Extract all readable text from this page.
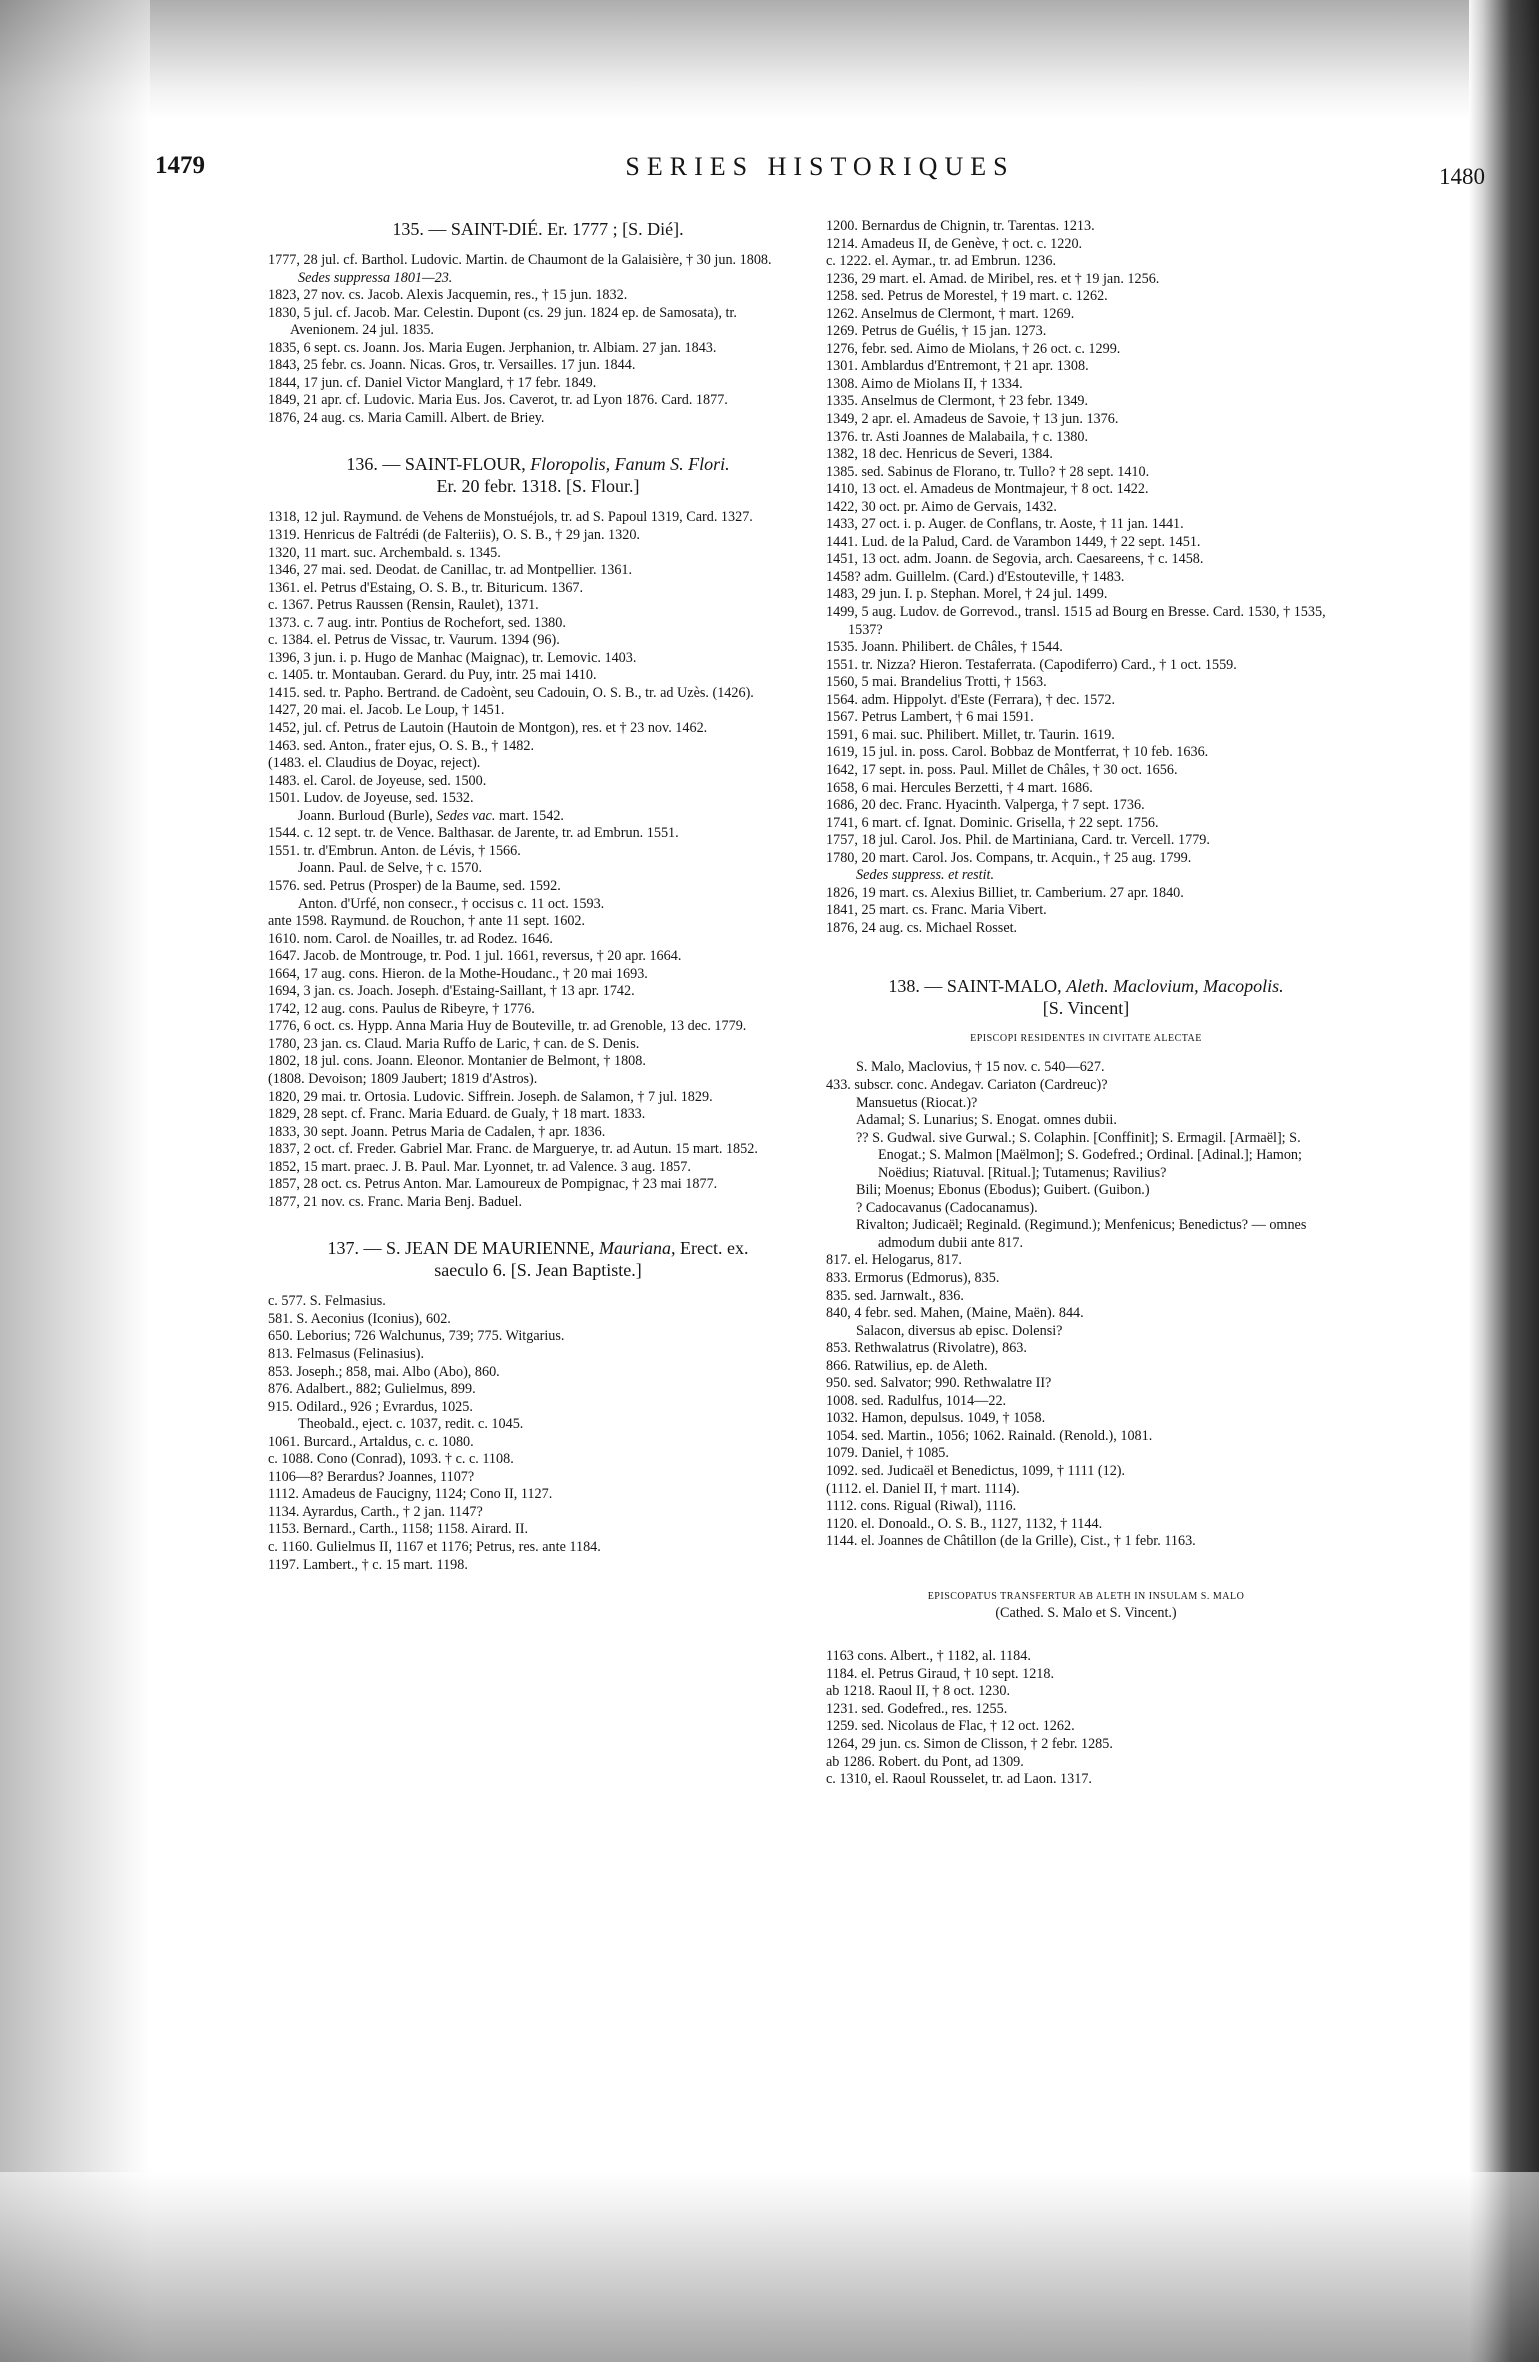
1479	SERIES HISTORIQUES	1480

135. — SAINT-DIÉ. Er. 1777 ; [S. Dié].

1777, 28 jul. cf. Barthol. Ludovic. Martin. de Chaumont de la Galaisière, † 30 jun. 1808.

Sedes suppressa 1801—23.

1823, 27 nov. cs. Jacob. Alexis Jacquemin, res., † 15 jun. 1832.

1830, 5 jul. cf. Jacob. Mar. Celestin. Dupont (cs. 29 jun. 1824 ep. de Samosata), tr. Avenionem. 24 jul. 1835.

1835, 6 sept. cs. Joann. Jos. Maria Eugen. Jerphanion, tr. Albiam. 27 jan. 1843.

1843, 25 febr. cs. Joann. Nicas. Gros, tr. Versailles. 17 jun. 1844.

1844, 17 jun. cf. Daniel Victor Manglard, † 17 febr. 1849.

1849, 21 apr. cf. Ludovic. Maria Eus. Jos. Caverot, tr. ad Lyon 1876. Card. 1877.

1876, 24 aug. cs. Maria Camill. Albert. de Briey.

136. — SAINT-FLOUR, Floropolis, Fanum S. Flori.

Er. 20 febr. 1318. [S. Flour.]

1318, 12 jul. Raymund. de Vehens de Monstuéjols, tr. ad S. Papoul 1319, Card. 1327.

1319. Henricus de Faltrédi (de Falteriis), O. S. B., † 29 jan. 1320.

1320, 11 mart. suc. Archembald. s. 1345.

1346, 27 mai. sed. Deodat. de Canillac, tr. ad Montpellier. 1361.

1361. el. Petrus d'Estaing, O. S. B., tr. Bituricum. 1367.

c. 1367. Petrus Raussen (Rensin, Raulet), 1371.

1373. c. 7 aug. intr. Pontius de Rochefort, sed. 1380.

c. 1384. el. Petrus de Vissac, tr. Vaurum. 1394 (96).

1396, 3 jun. i. p. Hugo de Manhac (Maignac), tr. Lemovic. 1403.

c. 1405. tr. Montauban. Gerard. du Puy, intr. 25 mai 1410.

1415. sed. tr. Papho. Bertrand. de Cadoènt, seu Cadouin, O. S. B., tr. ad Uzès. (1426).

1427, 20 mai. el. Jacob. Le Loup, † 1451.

1452, jul. cf. Petrus de Lautoin (Hautoin de Montgon), res. et † 23 nov. 1462.

1463. sed. Anton., frater ejus, O. S. B., † 1482.

(1483. el. Claudius de Doyac, reject).

1483. el. Carol. de Joyeuse, sed. 1500.

1501. Ludov. de Joyeuse, sed. 1532.

Joann. Burloud (Burle), Sedes vac. mart. 1542.

1544. c. 12 sept. tr. de Vence. Balthasar. de Jarente, tr. ad Embrun. 1551.

1551. tr. d'Embrun. Anton. de Lévis, † 1566.

Joann. Paul. de Selve, † c. 1570.

1576. sed. Petrus (Prosper) de la Baume, sed. 1592.

Anton. d'Urfé, non consecr., † occisus c. 11 oct. 1593.

ante 1598. Raymund. de Rouchon, † ante 11 sept. 1602.

1610. nom. Carol. de Noailles, tr. ad Rodez. 1646.

1647. Jacob. de Montrouge, tr. Pod. 1 jul. 1661, reversus, † 20 apr. 1664.

1664, 17 aug. cons. Hieron. de la Mothe-Houdanc., † 20 mai 1693.

1694, 3 jan. cs. Joach. Joseph. d'Estaing-Saillant, † 13 apr. 1742.

1742, 12 aug. cons. Paulus de Ribeyre, † 1776.

1776, 6 oct. cs. Hypp. Anna Maria Huy de Bouteville, tr. ad Grenoble, 13 dec. 1779.

1780, 23 jan. cs. Claud. Maria Ruffo de Laric, † can. de S. Denis.

1802, 18 jul. cons. Joann. Eleonor. Montanier de Belmont, † 1808.

(1808. Devoison; 1809 Jaubert; 1819 d'Astros).

1820, 29 mai. tr. Ortosia. Ludovic. Siffrein. Joseph. de Salamon, † 7 jul. 1829.

1829, 28 sept. cf. Franc. Maria Eduard. de Gualy, † 18 mart. 1833.

1833, 30 sept. Joann. Petrus Maria de Cadalen, † apr. 1836.

1837, 2 oct. cf. Freder. Gabriel Mar. Franc. de Marguerye, tr. ad Autun. 15 mart. 1852.

1852, 15 mart. praec. J. B. Paul. Mar. Lyonnet, tr. ad Valence. 3 aug. 1857.

1857, 28 oct. cs. Petrus Anton. Mar. Lamoureux de Pompignac, † 23 mai 1877.

1877, 21 nov. cs. Franc. Maria Benj. Baduel.

137. — S. JEAN DE MAURIENNE, Mauriana, Erect. ex.

saeculo 6. [S. Jean Baptiste.]

c. 577. S. Felmasius.

581. S. Aeconius (Iconius), 602.

650. Leborius; 726 Walchunus, 739; 775. Witgarius.

813. Felmasus (Felinasius).

853. Joseph.; 858, mai. Albo (Abo), 860.

876. Adalbert., 882; Gulielmus, 899.

915. Odilard., 926 ; Evrardus, 1025.

Theobald., eject. c. 1037, redit. c. 1045.

1061. Burcard., Artaldus, c. c. 1080.

c. 1088. Cono (Conrad), 1093. † c. c. 1108.

1106—8? Berardus? Joannes, 1107?

1112. Amadeus de Faucigny, 1124; Cono II, 1127.

1134. Ayrardus, Carth., † 2 jan. 1147?

1153. Bernard., Carth., 1158; 1158. Airard. II.

c. 1160. Gulielmus II, 1167 et 1176; Petrus, res. ante 1184.

1197. Lambert., † c. 15 mart. 1198.

1200. Bernardus de Chignin, tr. Tarentas. 1213.

1214. Amadeus II, de Genève, † oct. c. 1220.

c. 1222. el. Aymar., tr. ad Embrun. 1236.

1236, 29 mart. el. Amad. de Miribel, res. et † 19 jan. 1256.

1258. sed. Petrus de Morestel, † 19 mart. c. 1262.

1262. Anselmus de Clermont, † mart. 1269.

1269. Petrus de Guélis, † 15 jan. 1273.

1276, febr. sed. Aimo de Miolans, † 26 oct. c. 1299.

1301. Amblardus d'Entremont, † 21 apr. 1308.

1308. Aimo de Miolans II, † 1334.

1335. Anselmus de Clermont, † 23 febr. 1349.

1349, 2 apr. el. Amadeus de Savoie, † 13 jun. 1376.

1376. tr. Asti Joannes de Malabaila, † c. 1380.

1382, 18 dec. Henricus de Severi, 1384.

1385. sed. Sabinus de Florano, tr. Tullo? † 28 sept. 1410.

1410, 13 oct. el. Amadeus de Montmajeur, † 8 oct. 1422.

1422, 30 oct. pr. Aimo de Gervais, 1432.

1433, 27 oct. i. p. Auger. de Conflans, tr. Aoste, † 11 jan. 1441.

1441. Lud. de la Palud, Card. de Varambon 1449, † 22 sept. 1451.

1451, 13 oct. adm. Joann. de Segovia, arch. Caesareens, † c. 1458.

1458? adm. Guillelm. (Card.) d'Estouteville, † 1483.

1483, 29 jun. I. p. Stephan. Morel, † 24 jul. 1499.

1499, 5 aug. Ludov. de Gorrevod., transl. 1515 ad Bourg en Bresse. Card. 1530, † 1535, 1537?

1535. Joann. Philibert. de Châles, † 1544.

1551. tr. Nizza? Hieron. Testaferrata. (Capodiferro) Card., † 1 oct. 1559.

1560, 5 mai. Brandelius Trotti, † 1563.

1564. adm. Hippolyt. d'Este (Ferrara), † dec. 1572.

1567. Petrus Lambert, † 6 mai 1591.

1591, 6 mai. suc. Philibert. Millet, tr. Taurin. 1619.

1619, 15 jul. in. poss. Carol. Bobbaz de Montferrat, † 10 feb. 1636.

1642, 17 sept. in. poss. Paul. Millet de Châles, † 30 oct. 1656.

1658, 6 mai. Hercules Berzetti, † 4 mart. 1686.

1686, 20 dec. Franc. Hyacinth. Valperga, † 7 sept. 1736.

1741, 6 mart. cf. Ignat. Dominic. Grisella, † 22 sept. 1756.

1757, 18 jul. Carol. Jos. Phil. de Martiniana, Card. tr. Vercell. 1779.

1780, 20 mart. Carol. Jos. Compans, tr. Acquin., † 25 aug. 1799.

Sedes suppress. et restit.

1826, 19 mart. cs. Alexius Billiet, tr. Camberium. 27 apr. 1840.

1841, 25 mart. cs. Franc. Maria Vibert.

1876, 24 aug. cs. Michael Rosset.

138. — SAINT-MALO, Aleth. Maclovium, Macopolis.

[S. Vincent]

EPISCOPI RESIDENTES IN CIVITATE ALECTAE

S. Malo, Maclovius, † 15 nov. c. 540—627.

433. subscr. conc. Andegav. Cariaton (Cardreuc)?

Mansuetus (Riocat.)?

Adamal; S. Lunarius; S. Enogat. omnes dubii.

?? S. Gudwal. sive Gurwal.; S. Colaphin. [Conffinit]; S. Ermagil. [Armaël]; S. Enogat.; S. Malmon [Maëlmon]; S. Godefred.; Ordinal. [Adinal.]; Hamon; Noëdius; Riatuval. [Ritual.]; Tutamenus; Ravilius?

Bili; Moenus; Ebonus (Ebodus); Guibert. (Guibon.)

? Cadocavanus (Cadocanamus).

Rivalton; Judicaël; Reginald. (Regimund.); Menfenicus; Benedictus? — omnes admodum dubii ante 817.

817. el. Helogarus, 817.

833. Ermorus (Edmorus), 835.

835. sed. Jarnwalt., 836.

840, 4 febr. sed. Mahen, (Maine, Maën). 844.

Salacon, diversus ab episc. Dolensi?

853. Rethwalatrus (Rivolatre), 863.

866. Ratwilius, ep. de Aleth.

950. sed. Salvator; 990. Rethwalatre II?

1008. sed. Radulfus, 1014—22.

1032. Hamon, depulsus. 1049, † 1058.

1054. sed. Martin., 1056; 1062. Rainald. (Renold.), 1081.

1079. Daniel, † 1085.

1092. sed. Judicaël et Benedictus, 1099, † 1111 (12).

(1112. el. Daniel II, † mart. 1114).

1112. cons. Rigual (Riwal), 1116.

1120. el. Donoald., O. S. B., 1127, 1132, † 1144.

1144. el. Joannes de Châtillon (de la Grille), Cist., † 1 febr. 1163.

EPISCOPATUS TRANSFERTUR AB ALETH IN INSULAM S. MALO

(Cathed. S. Malo et S. Vincent.)

1163 cons. Albert., † 1182, al. 1184.

1184. el. Petrus Giraud, † 10 sept. 1218.

ab 1218. Raoul II, † 8 oct. 1230.

1231. sed. Godefred., res. 1255.

1259. sed. Nicolaus de Flac, † 12 oct. 1262.

1264, 29 jun. cs. Simon de Clisson, † 2 febr. 1285.

ab 1286. Robert. du Pont, ad 1309.

c. 1310, el. Raoul Rousselet, tr. ad Laon. 1317.
